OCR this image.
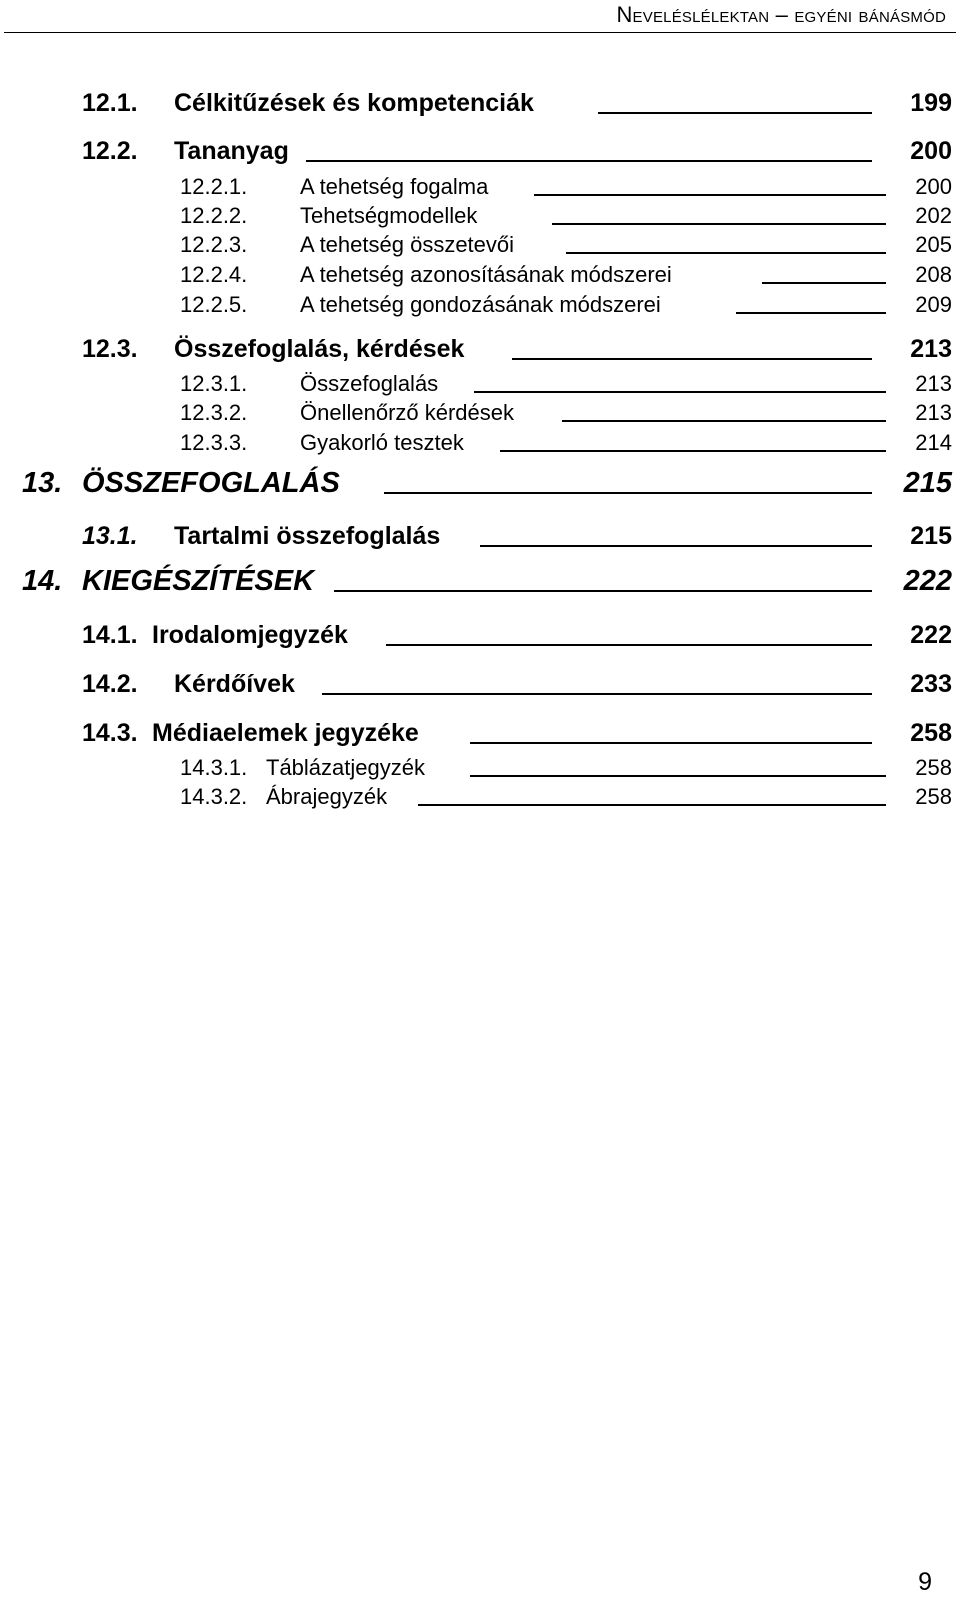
Neveléslélektan – egyéni bánásmód
12.1. Célkitűzések és kompetenciák	199
12.2. Tananyag	200
12.2.1. A tehetség fogalma	200
12.2.2. Tehetségmodellek	202
12.2.3. A tehetség összetevői	205
12.2.4. A tehetség azonosításának módszerei	208
12.2.5. A tehetség gondozásának módszerei	209
12.3. Összefoglalás, kérdések	213
12.3.1. Összefoglalás	213
12.3.2. Önellenőrző kérdések	213
12.3.3. Gyakorló tesztek	214
13. ÖSSZEFOGLALÁS	215
13.1. Tartalmi összefoglalás	215
14. KIEGÉSZÍTÉSEK	222
14.1. Irodalomjegyzék	222
14.2. Kérdőívek	233
14.3. Médiaelemek jegyzéke	258
14.3.1. Táblázatjegyzék	258
14.3.2. Ábrajegyzék	258
9
